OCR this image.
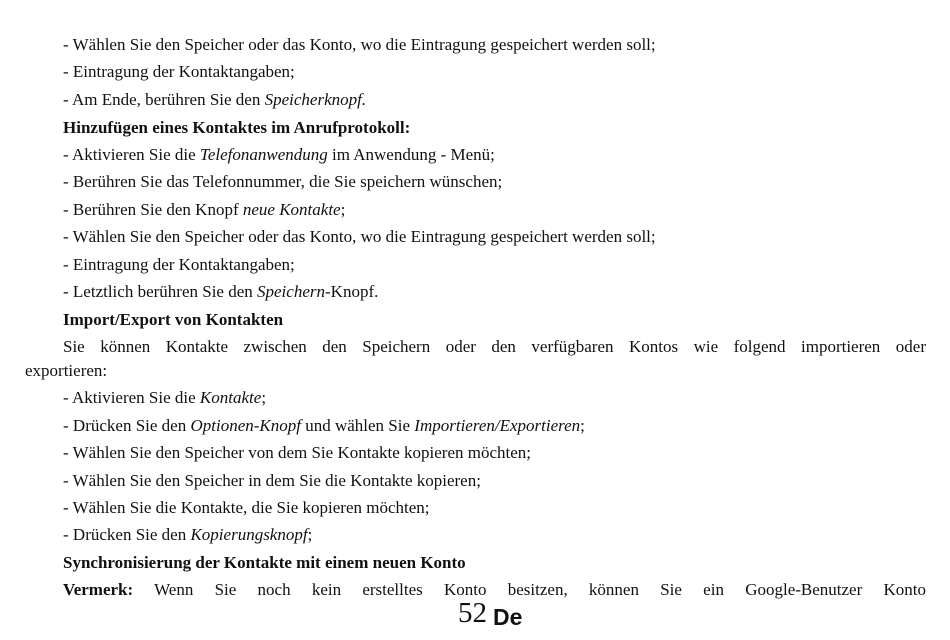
- Wählen Sie den Speicher oder das Konto, wo die Eintragung gespeichert werden soll;
- Eintragung der Kontaktangaben;
- Am Ende, berühren Sie den Speicherknopf.
Hinzufügen eines Kontaktes im Anrufprotokoll:
- Aktivieren Sie die Telefonanwendung im Anwendung - Menü;
- Berühren Sie das Telefonnummer, die Sie speichern wünschen;
- Berühren Sie den Knopf neue Kontakte;
- Wählen Sie den Speicher oder das Konto, wo die Eintragung gespeichert werden soll;
- Eintragung der Kontaktangaben;
- Letztlich berühren Sie den Speichern-Knopf.
Import/Export von Kontakten
Sie können Kontakte zwischen den Speichern oder den verfügbaren Kontos wie folgend importieren oder
exportieren:
- Aktivieren Sie die Kontakte;
- Drücken Sie den Optionen-Knopf und wählen Sie Importieren/Exportieren;
- Wählen Sie den Speicher von dem Sie Kontakte kopieren möchten;
- Wählen Sie den Speicher in dem Sie die Kontakte kopieren;
- Wählen Sie die Kontakte, die Sie kopieren möchten;
- Drücken Sie den Kopierungsknopf;
Synchronisierung der Kontakte mit einem neuen Konto
Vermerk: Wenn Sie noch kein erstelltes Konto besitzen, können Sie ein Google-Benutzer Konto
52 De
